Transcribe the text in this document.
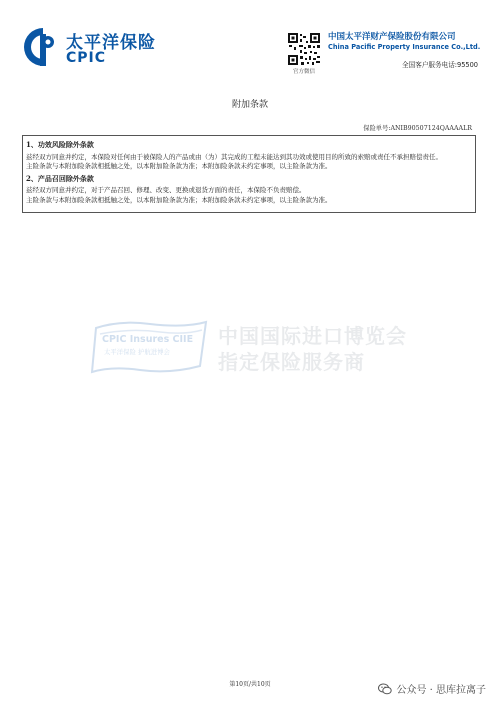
太平洋保险
CPIC
官方微信
中国太平洋财产保险股份有限公司
China Pacific Property Insurance Co.,Ltd.
全国客户服务电话:95500
附加条款
保险单号:ANIB90507124QAAAALR
1、功效风险除外条款

兹经双方同意并约定，本保险对任何由于被保险人的产品或由（为）其完成的工程未能达到其功效或使用目的所致的索赔或责任不承担赔偿责任。

主险条款与本附加险条款相抵触之处，以本附加险条款为准；本附加险条款未约定事项，以主险条款为准。

2、产品召回除外条款

兹经双方同意并约定，对于产品召回、修理、改变、更换或退货方面的责任，本保险不负责赔偿。

主险条款与本附加险条款相抵触之处，以本附加险条款为准；本附加险条款未约定事项，以主险条款为准。

CPIC Insures CIIE
太平洋保险 护航进博会
中国国际进口博览会
指定保险服务商
第10页/共10页
公众号 · 思库拉离子
